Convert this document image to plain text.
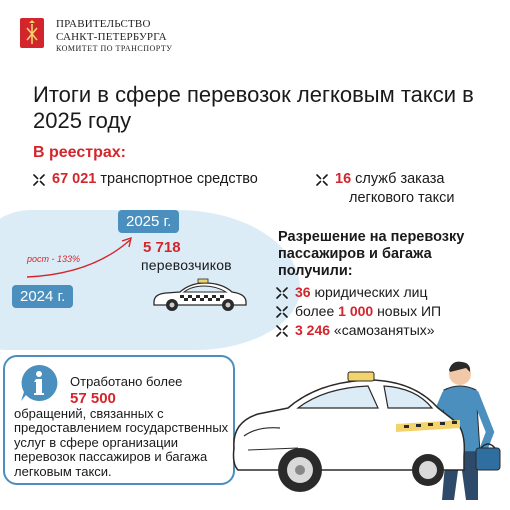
ПРАВИТЕЛЬСТВО
САНКТ-ПЕТЕРБУРГА
КОМИТЕТ ПО ТРАНСПОРТУ
Итоги в сфере перевозок легковым такси в 2025 году
В реестрах:
67 021 транспортное средство	16 служб заказа
легкового такси
2025 г.
2024 г.
рост - 133%
5 718
перевозчиков
Разрешение на перевозку пассажиров и багажа получили:
36 юридических лиц
более 1 000 новых ИП
3 246 «самозанятых»
Отработано более
57 500
обращений, связанных с предоставлением государственных услуг в сфере организации перевозок пассажиров и багажа легковым такси.
